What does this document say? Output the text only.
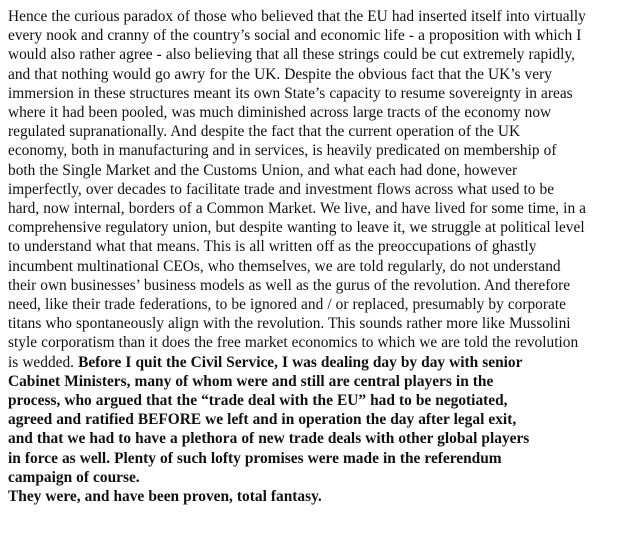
Hence the curious paradox of those who believed that the EU had inserted itself into virtually
every nook and cranny of the country’s social and economic life - a proposition with which I
would also rather agree - also believing that all these strings could be cut extremely rapidly,
and that nothing would go awry for the UK. Despite the obvious fact that the UK’s very
immersion in these structures meant its own State’s capacity to resume sovereignty in areas
where it had been pooled, was much diminished across large tracts of the economy now
regulated supranationally. And despite the fact that the current operation of the UK
economy, both in manufacturing and in services, is heavily predicated on membership of
both the Single Market and the Customs Union, and what each had done, however
imperfectly, over decades to facilitate trade and investment flows across what used to be
hard, now internal, borders of a Common Market. We live, and have lived for some time, in a
comprehensive regulatory union, but despite wanting to leave it, we struggle at political level
to understand what that means. This is all written off as the preoccupations of ghastly
incumbent multinational CEOs, who themselves, we are told regularly, do not understand
their own businesses’ business models as well as the gurus of the revolution. And therefore
need, like their trade federations, to be ignored and / or replaced, presumably by corporate
titans who spontaneously align with the revolution. This sounds rather more like Mussolini
style corporatism than it does the free market economics to which we are told the revolution
is wedded. Before I quit the Civil Service, I was dealing day by day with senior
Cabinet Ministers, many of whom were and still are central players in the
process, who argued that the “trade deal with the EU” had to be negotiated,
agreed and ratified BEFORE we left and in operation the day after legal exit,
and that we had to have a plethora of new trade deals with other global players
in force as well. Plenty of such lofty promises were made in the referendum
campaign of course.
They were, and have been proven, total fantasy.
